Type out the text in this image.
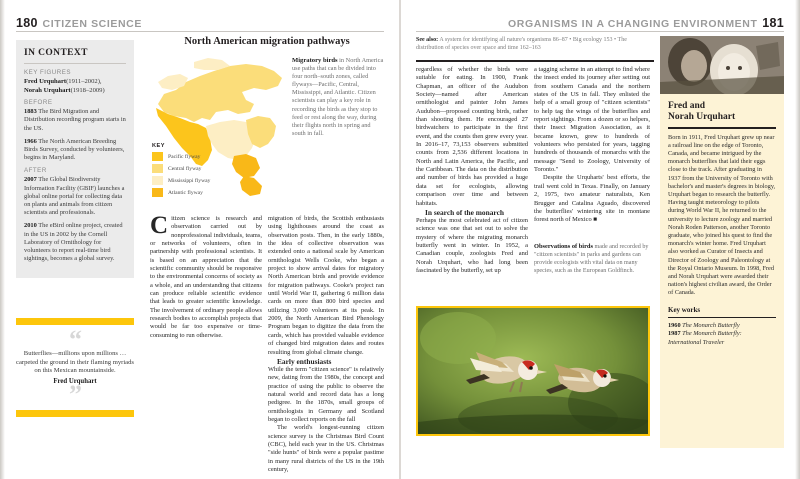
180 CITIZEN SCIENCE
IN CONTEXT
KEY FIGURES
Fred Urquhart(1911–2002),
Norah Urquhart(1918–2009)
BEFORE

1883 The Bird Migration and Distribution recording program starts in the US.

1966 The North American Breeding Birds Survey, conducted by volunteers, begins in Maryland.

AFTER

2007 The Global Biodiversity Information Facility (GBIF) launches a global online portal for collecting data on plants and animals from citizen scientists and professionals.

2010 The eBird online project, created in the US in 2002 by the Cornell Laboratory of Ornithology for volunteers to report real-time bird sightings, becomes a global survey.

“

Butterflies—millions upon millions … carpeted the ground in their flaming myriads on this Mexican mountainside.

Fred Urquhart

”
North American migration pathways
Migratory birds in North America use paths that can be divided into four north–south zones, called flyways—Pacific, Central, Mississippi, and Atlantic. Citizen scientists can play a key role in recording the birds as they stop to feed or rest along the way, during their flights north in spring and south in fall.
KEY
Pacific flyway
Central flyway
Mississippi flyway
Atlantic flyway

Citizen science is research and observation carried out by nonprofessional individuals, teams, or networks of volunteers, often in partnership with professional scientists. It is based on an appreciation that the scientific community should be responsive to the environmental concerns of society as a whole, and an understanding that citizens can produce reliable scientific evidence that leads to greater scientific knowledge. The involvement of ordinary people allows research bodies to accomplish projects that would be far too expensive or time-consuming to run otherwise.

migration of birds, the Scottish enthusiasts using lighthouses around the coast as observation posts. Then, in the early 1880s, the idea of collective observation was extended onto a national scale by American ornithologist Wells Cooke, who began a project to show arrival dates for migratory North American birds and provide evidence for migration pathways. Cooke's project ran until World War II, gathering 6 million data cards on more than 800 bird species and utilizing 3,000 volunteers at its peak. In 2009, the North American Bird Phenology Program began to digitize the data from the cards, which has provided valuable evidence of changed bird migration dates and routes resulting from global climate change.

Early enthusiasts

While the term "citizen science" is relatively new, dating from the 1980s, the concept and practice of using the public to observe the natural world and record data has a long pedigree. In the 1870s, small groups of ornithologists in Germany and Scotland began to collect reports on the fall

The world's longest-running citizen science survey is the Christmas Bird Count (CBC), held each year in the US. Christmas "side hunts" of birds were a popular pastime in many rural districts of the US in the 19th century,

ORGANISMS IN A CHANGING ENVIRONMENT 181
See also: A system for identifying all nature's organisms 86–87 • Big ecology 153 • The distribution of species over space and time 162–163

regardless of whether the birds were suitable for eating. In 1900, Frank Chapman, an officer of the Audubon Society—named after American ornithologist and painter John James Audubon—proposed counting birds, rather than shooting them. He encouraged 27 birdwatchers to participate in the first event, and the counts then grew every year. In 2016–17, 73,153 observers submitted counts from 2,536 different locations in North and Latin America, the Pacific, and the Caribbean. The data on the distribution and number of birds has provided a huge data set for ecologists, allowing comparison over time and between habitats.

In search of the monarch

Perhaps the most celebrated act of citizen science was one that set out to solve the mystery of where the migrating monarch butterfly went in winter. In 1952, a Canadian couple, zoologists Fred and Norah Urquhart, who had long been fascinated by the butterfly, set up

a tagging scheme in an attempt to find where the insect ended its journey after setting out from southern Canada and the northern states of the US in fall. They enlisted the help of a small group of "citizen scientists" to help tag the wings of the butterflies and report sightings. From a dozen or so helpers, their Insect Migration Association, as it became known, grew to hundreds of volunteers who persisted for years, tagging hundreds of thousands of monarchs with the message "Send to Zoology, University of Toronto."

Despite the Urquharts' best efforts, the trail went cold in Texas. Finally, on January 2, 1975, two amateur naturalists, Ken Brugger and Catalina Aguado, discovered the butterflies' wintering site in montane forest north of Mexico ■

Observations of birds made and recorded by "citizen scientists" in parks and gardens can provide ecologists with vital data on many species, such as the European Goldfinch.
Fred and
Norah Urquhart

Born in 1911, Fred Urquhart grew up near a railroad line on the edge of Toronto, Canada, and became intrigued by the monarch butterflies that laid their eggs close to the track. After graduating in 1937 from the University of Toronto with bachelor's and master's degrees in biology, Urquhart began to research the butterfly. Having taught meteorology to pilots during World War II, he returned to the university to lecture zoology and married Norah Roden Patterson, another Toronto graduate, who joined his quest to find the monarch's winter home. Fred Urquhart also worked as Curator of Insects and Director of Zoology and Paleontology at the Royal Ontario Museum. In 1998, Fred and Norah Urquhart were awarded their nation's highest civilian award, the Order of Canada.

Key works
1960 The Monarch Butterfly
1987 The Monarch Butterfly: International Traveler
